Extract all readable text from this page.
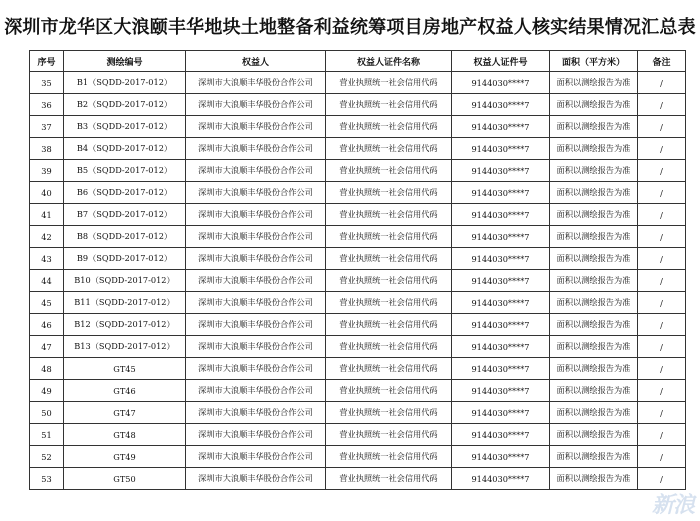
深圳市龙华区大浪颐丰华地块土地整备利益统筹项目房地产权益人核实结果情况汇总表
序号	测绘编号	权益人	权益人证件名称	权益人证件号	面积（平方米）	备注
35	B1（SQDD-2017-012）	深圳市大浪顺丰华股份合作公司	营业执照统一社会信用代码	9144030****7	面积以测绘报告为准	/
36	B2（SQDD-2017-012）	深圳市大浪顺丰华股份合作公司	营业执照统一社会信用代码	9144030****7	面积以测绘报告为准	/
37	B3（SQDD-2017-012）	深圳市大浪顺丰华股份合作公司	营业执照统一社会信用代码	9144030****7	面积以测绘报告为准	/
38	B4（SQDD-2017-012）	深圳市大浪顺丰华股份合作公司	营业执照统一社会信用代码	9144030****7	面积以测绘报告为准	/
39	B5（SQDD-2017-012）	深圳市大浪顺丰华股份合作公司	营业执照统一社会信用代码	9144030****7	面积以测绘报告为准	/
40	B6（SQDD-2017-012）	深圳市大浪顺丰华股份合作公司	营业执照统一社会信用代码	9144030****7	面积以测绘报告为准	/
41	B7（SQDD-2017-012）	深圳市大浪顺丰华股份合作公司	营业执照统一社会信用代码	9144030****7	面积以测绘报告为准	/
42	B8（SQDD-2017-012）	深圳市大浪顺丰华股份合作公司	营业执照统一社会信用代码	9144030****7	面积以测绘报告为准	/
43	B9（SQDD-2017-012）	深圳市大浪顺丰华股份合作公司	营业执照统一社会信用代码	9144030****7	面积以测绘报告为准	/
44	B10（SQDD-2017-012）	深圳市大浪顺丰华股份合作公司	营业执照统一社会信用代码	9144030****7	面积以测绘报告为准	/
45	B11（SQDD-2017-012）	深圳市大浪顺丰华股份合作公司	营业执照统一社会信用代码	9144030****7	面积以测绘报告为准	/
46	B12（SQDD-2017-012）	深圳市大浪顺丰华股份合作公司	营业执照统一社会信用代码	9144030****7	面积以测绘报告为准	/
47	B13（SQDD-2017-012）	深圳市大浪顺丰华股份合作公司	营业执照统一社会信用代码	9144030****7	面积以测绘报告为准	/
48	GT45	深圳市大浪顺丰华股份合作公司	营业执照统一社会信用代码	9144030****7	面积以测绘报告为准	/
49	GT46	深圳市大浪顺丰华股份合作公司	营业执照统一社会信用代码	9144030****7	面积以测绘报告为准	/
50	GT47	深圳市大浪顺丰华股份合作公司	营业执照统一社会信用代码	9144030****7	面积以测绘报告为准	/
51	GT48	深圳市大浪顺丰华股份合作公司	营业执照统一社会信用代码	9144030****7	面积以测绘报告为准	/
52	GT49	深圳市大浪顺丰华股份合作公司	营业执照统一社会信用代码	9144030****7	面积以测绘报告为准	/
53	GT50	深圳市大浪顺丰华股份合作公司	营业执照统一社会信用代码	9144030****7	面积以测绘报告为准	/
新浪
